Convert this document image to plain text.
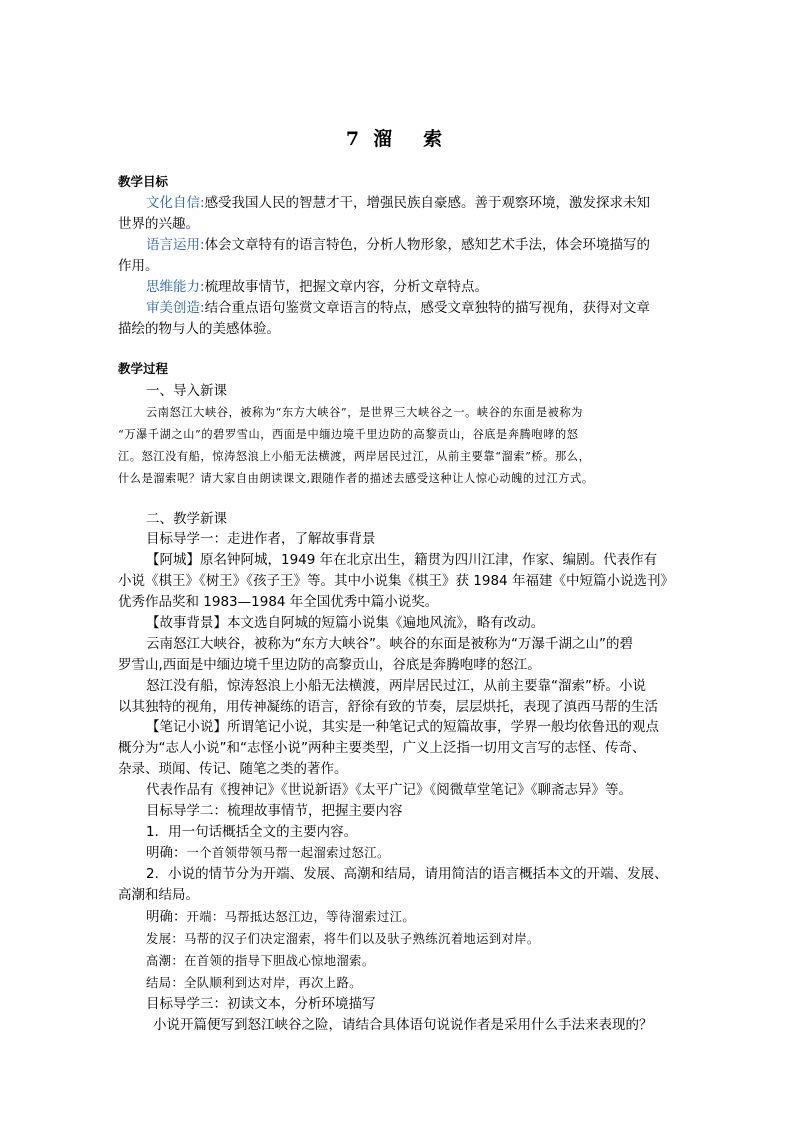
7 溜　索
教学目标
文化自信:感受我国人民的智慧才干，增强民族自豪感。善于观察环境，激发探求未知
世界的兴趣。
语言运用:体会文章特有的语言特色，分析人物形象，感知艺术手法，体会环境描写的
作用。
思维能力:梳理故事情节，把握文章内容，分析文章特点。
审美创造:结合重点语句鉴赏文章语言的特点，感受文章独特的描写视角，获得对文章
描绘的物与人的美感体验。
教学过程
一、导入新课
云南怒江大峡谷，被称为“东方大峡谷”，是世界三大峡谷之一。峡谷的东面是被称为
“万瀑千湖之山”的碧罗雪山，西面是中缅边境千里边防的高黎贡山，谷底是奔腾咆哮的怒
江。怒江没有船，惊涛怒浪上小船无法横渡，两岸居民过江，从前主要靠“溜索”桥。那么，
什么是溜索呢？请大家自由朗读课文,跟随作者的描述去感受这种让人惊心动魄的过江方式。
二、教学新课
目标导学一：走进作者，了解故事背景
【阿城】原名钟阿城，1949 年在北京出生，籍贯为四川江津，作家、编剧。代表作有
小说《棋王》《树王》《孩子王》等。其中小说集《棋王》获 1984 年福建《中短篇小说选刊》
优秀作品奖和 1983—1984 年全国优秀中篇小说奖。
【故事背景】本文选自阿城的短篇小说集《遍地风流》，略有改动。
云南怒江大峡谷，被称为“东方大峡谷”。峡谷的东面是被称为“万瀑千湖之山”的碧
罗雪山,西面是中缅边境千里边防的高黎贡山，谷底是奔腾咆哮的怒江。
怒江没有船，惊涛怒浪上小船无法横渡，两岸居民过江，从前主要靠“溜索”桥。小说
以其独特的视角，用传神凝练的语言，舒徐有致的节奏，层层烘托，表现了滇西马帮的生活
【笔记小说】所谓笔记小说，其实是一种笔记式的短篇故事，学界一般均依鲁迅的观点
概分为“志人小说”和“志怪小说”两种主要类型，广义上泛指一切用文言写的志怪、传奇、
杂录、琐闻、传记、随笔之类的著作。
代表作品有《搜神记》《世说新语》《太平广记》《阅微草堂笔记》《聊斋志异》等。
目标导学二：梳理故事情节，把握主要内容
1．用一句话概括全文的主要内容。
明确：一个首领带领马帮一起溜索过怒江。
2．小说的情节分为开端、发展、高潮和结局，请用简洁的语言概括本文的开端、发展、
高潮和结局。
明确：开端：马帮抵达怒江边，等待溜索过江。
发展：马帮的汉子们决定溜索，将牛们以及驮子熟练沉着地运到对岸。
高潮：在首领的指导下胆战心惊地溜索。
结局：全队顺利到达对岸，再次上路。
目标导学三：初读文本，分析环境描写
小说开篇便写到怒江峡谷之险，请结合具体语句说说作者是采用什么手法来表现的？
